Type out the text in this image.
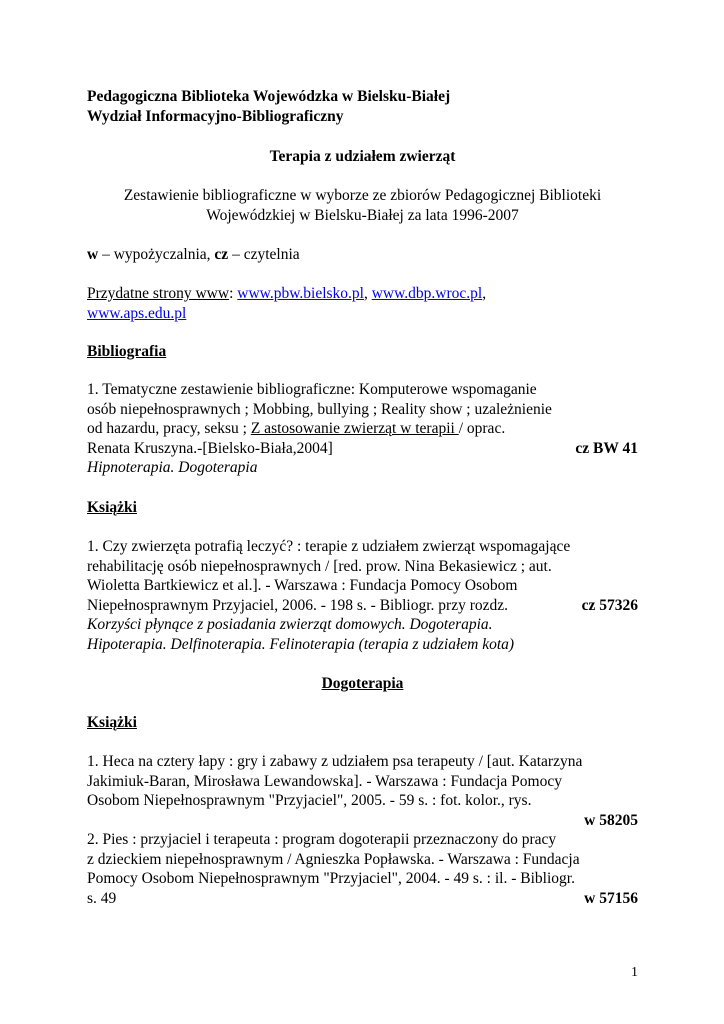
Pedagogiczna Biblioteka Wojewódzka w Bielsku-Białej
Wydział Informacyjno-Bibliograficzny
Terapia z udziałem zwierząt
Zestawienie bibliograficzne w wyborze ze zbiorów Pedagogicznej Biblioteki Wojewódzkiej w Bielsku-Białej za lata 1996-2007
w – wypożyczalnia, cz – czytelnia
Przydatne strony www: www.pbw.bielsko.pl, www.dbp.wroc.pl,
www.aps.edu.pl
Bibliografia
1. Tematyczne zestawienie bibliograficzne: Komputerowe wspomaganie
osób niepełnosprawnych ; Mobbing, bullying ; Reality show ; uzależnienie
od hazardu, pracy, seksu ; Z astosowanie zwierząt w terapii / oprac.
Renata Kruszyna.-[Bielsko-Biała,2004]	cz BW 41
Hipnoterapia. Dogoterapia
Książki
1. Czy zwierzęta potrafią leczyć? : terapie z udziałem zwierząt wspomagające
rehabilitację osób niepełnosprawnych / [red. prow. Nina Bekasiewicz ; aut.
Wioletta Bartkiewicz et al.]. - Warszawa : Fundacja Pomocy Osobom
Niepełnosprawnym Przyjaciel, 2006. - 198 s. - Bibliogr. przy rozdz.	cz 57326
Korzyści płynące z posiadania zwierząt domowych. Dogoterapia.
Hipoterapia. Delfinoterapia. Felinoterapia (terapia z udziałem kota)
Dogoterapia
Książki
1. Heca na cztery łapy : gry i zabawy z udziałem psa terapeuty / [aut. Katarzyna
Jakimiuk-Baran, Mirosława Lewandowska]. - Warszawa : Fundacja Pomocy
Osobom Niepełnosprawnym "Przyjaciel", 2005. - 59 s. : fot. kolor., rys.
w 58205
2. Pies : przyjaciel i terapeuta : program dogoterapii przeznaczony do pracy
z dzieckiem niepełnosprawnym / Agnieszka Popławska. - Warszawa : Fundacja
Pomocy Osobom Niepełnosprawnym "Przyjaciel", 2004. - 49 s. : il. - Bibliogr.
s. 49	w 57156
1
